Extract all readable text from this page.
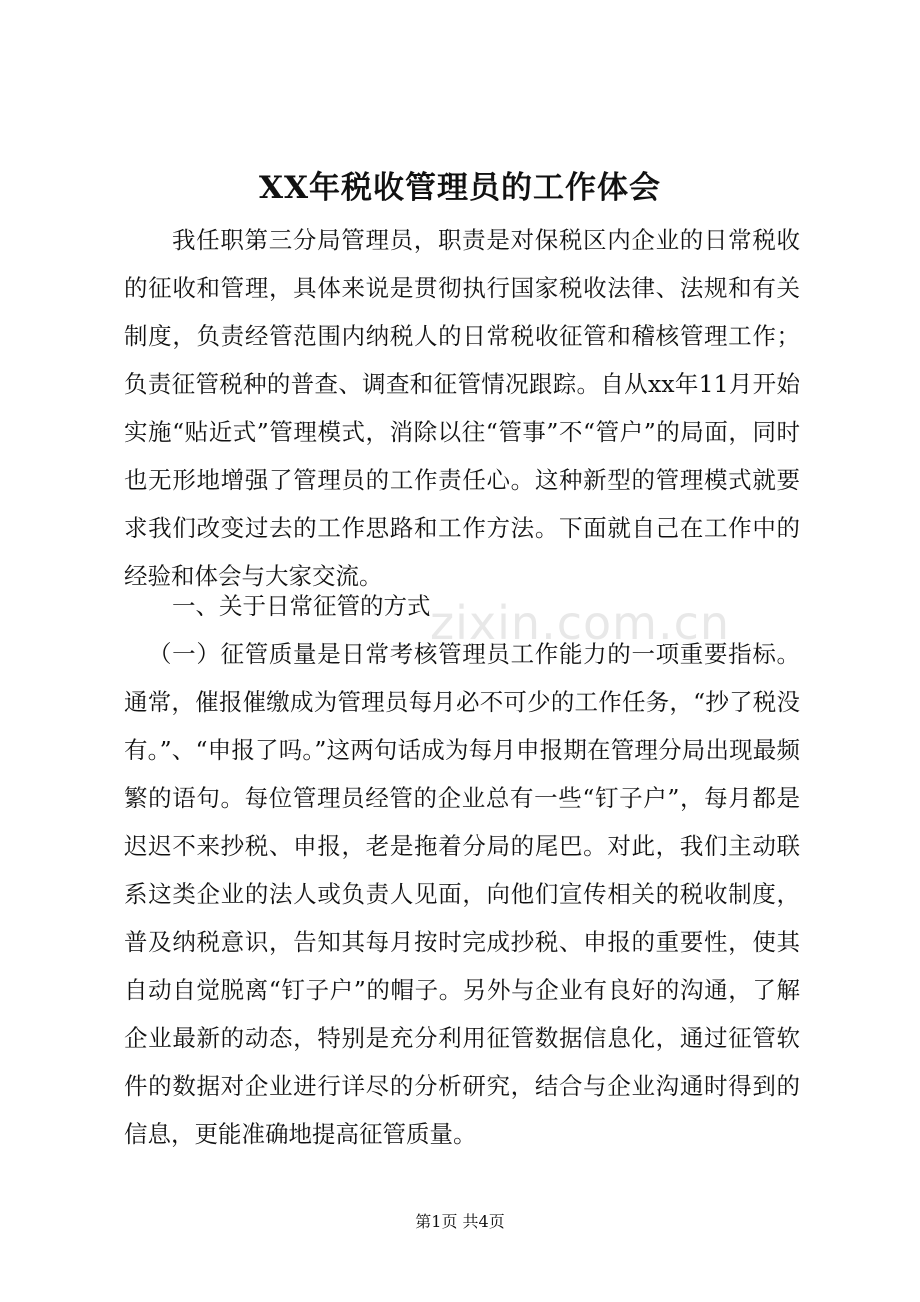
XX年税收管理员的工作体会

我任职第三分局管理员，职责是对保税区内企业的日常税收的征收和管理，具体来说是贯彻执行国家税收法律、法规和有关制度，负责经管范围内纳税人的日常税收征管和稽核管理工作；负责征管税种的普查、调查和征管情况跟踪。自从xx年11月开始实施“贴近式”管理模式，消除以往“管事”不“管户”的局面，同时也无形地增强了管理员的工作责任心。这种新型的管理模式就要求我们改变过去的工作思路和工作方法。下面就自己在工作中的经验和体会与大家交流。

一、关于日常征管的方式

（一）征管质量是日常考核管理员工作能力的一项重要指标。通常，催报催缴成为管理员每月必不可少的工作任务，“抄了税没有。”、“申报了吗。”这两句话成为每月申报期在管理分局出现最频繁的语句。每位管理员经管的企业总有一些“钉子户”，每月都是迟迟不来抄税、申报，老是拖着分局的尾巴。对此，我们主动联系这类企业的法人或负责人见面，向他们宣传相关的税收制度，普及纳税意识，告知其每月按时完成抄税、申报的重要性，使其自动自觉脱离“钉子户”的帽子。另外与企业有良好的沟通，了解企业最新的动态，特别是充分利用征管数据信息化，通过征管软件的数据对企业进行详尽的分析研究，结合与企业沟通时得到的信息，更能准确地提高征管质量。

zixin.com.cn
第1页 共4页
